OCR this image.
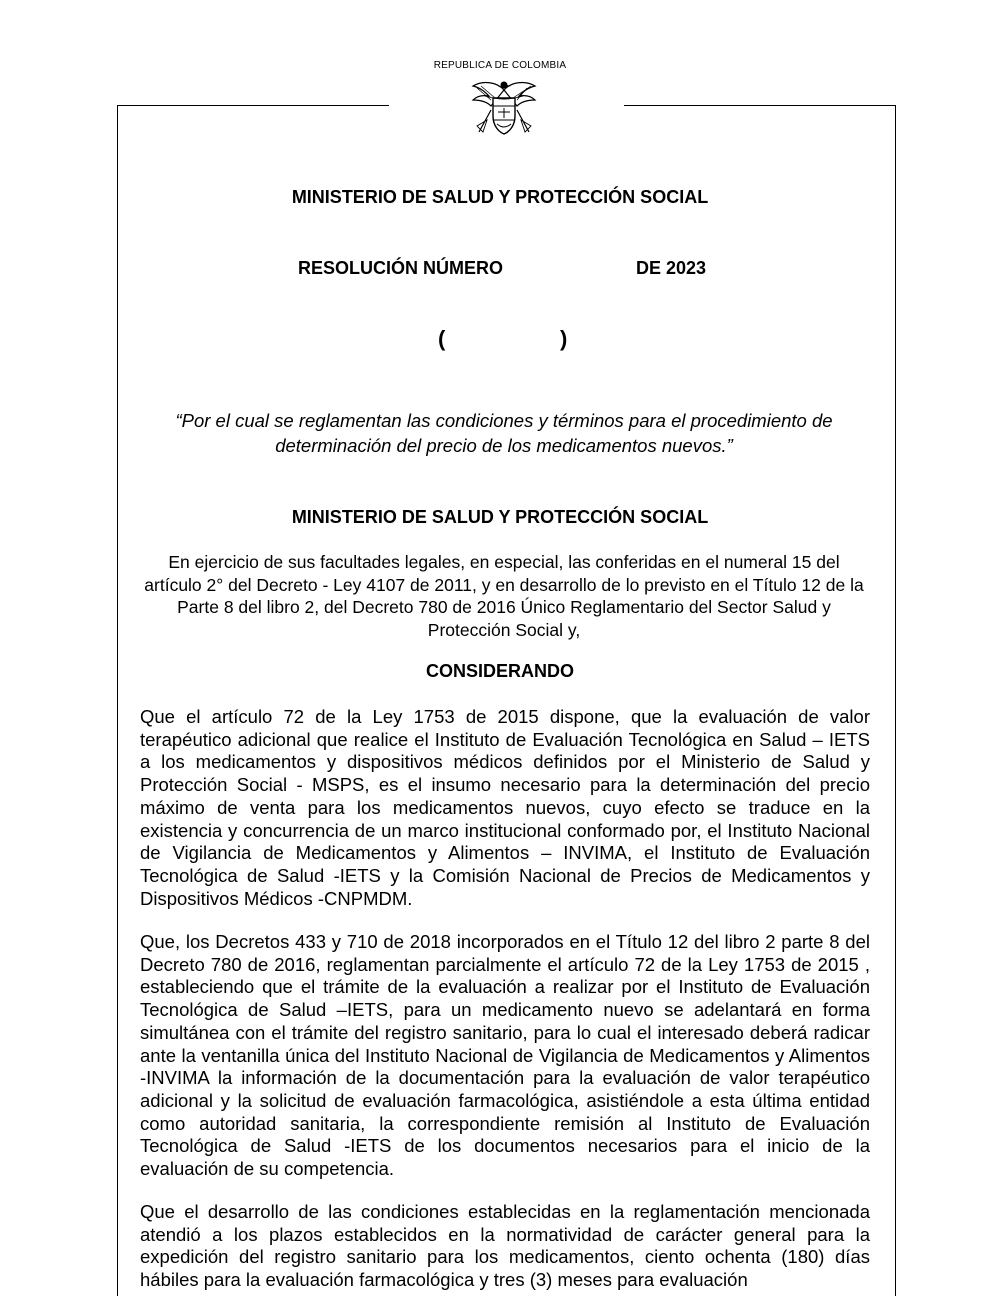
REPUBLICA DE COLOMBIA
MINISTERIO DE SALUD Y PROTECCIÓN SOCIAL
RESOLUCIÓN NÚMERO	DE 2023
(	)
“Por el cual se reglamentan las condiciones y términos para el procedimiento de determinación del precio de los medicamentos nuevos.”
MINISTERIO DE SALUD Y PROTECCIÓN SOCIAL
En ejercicio de sus facultades legales, en especial, las conferidas en el numeral 15 del artículo 2° del Decreto - Ley 4107 de 2011, y en desarrollo de lo previsto en el Título 12 de la Parte 8 del libro 2, del Decreto 780 de 2016 Único Reglamentario del Sector Salud y Protección Social y,
CONSIDERANDO
Que el artículo 72 de la Ley 1753 de 2015 dispone, que la evaluación de valor terapéutico adicional que realice el Instituto de Evaluación Tecnológica en Salud – IETS a los medicamentos y dispositivos médicos definidos por el Ministerio de Salud y Protección Social - MSPS, es el insumo necesario para la determinación del precio máximo de venta para los medicamentos nuevos, cuyo efecto se traduce en la existencia y concurrencia de un marco institucional conformado por, el Instituto Nacional de Vigilancia de Medicamentos y Alimentos – INVIMA, el Instituto de Evaluación Tecnológica de Salud -IETS y la Comisión Nacional de Precios de Medicamentos y Dispositivos Médicos -CNPMDM.
Que, los Decretos 433 y 710 de 2018 incorporados en el Título 12 del libro 2 parte 8 del Decreto 780 de 2016, reglamentan parcialmente el artículo 72 de la Ley 1753 de 2015 , estableciendo que el trámite de la evaluación a realizar por el Instituto de Evaluación Tecnológica de Salud –IETS, para un medicamento nuevo se adelantará en forma simultánea con el trámite del registro sanitario, para lo cual el interesado deberá radicar ante la ventanilla única del Instituto Nacional de Vigilancia de Medicamentos y Alimentos -INVIMA la información de la documentación para la evaluación de valor terapéutico adicional y la solicitud de evaluación farmacológica, asistiéndole a esta última entidad como autoridad sanitaria, la correspondiente remisión al Instituto de Evaluación Tecnológica de Salud -IETS de los documentos necesarios para el inicio de la evaluación de su competencia.
Que el desarrollo de las condiciones establecidas en la reglamentación mencionada atendió a los plazos establecidos en la normatividad de carácter general para la expedición del registro sanitario para los medicamentos, ciento ochenta (180) días hábiles para la evaluación farmacológica y tres (3) meses para evaluación
